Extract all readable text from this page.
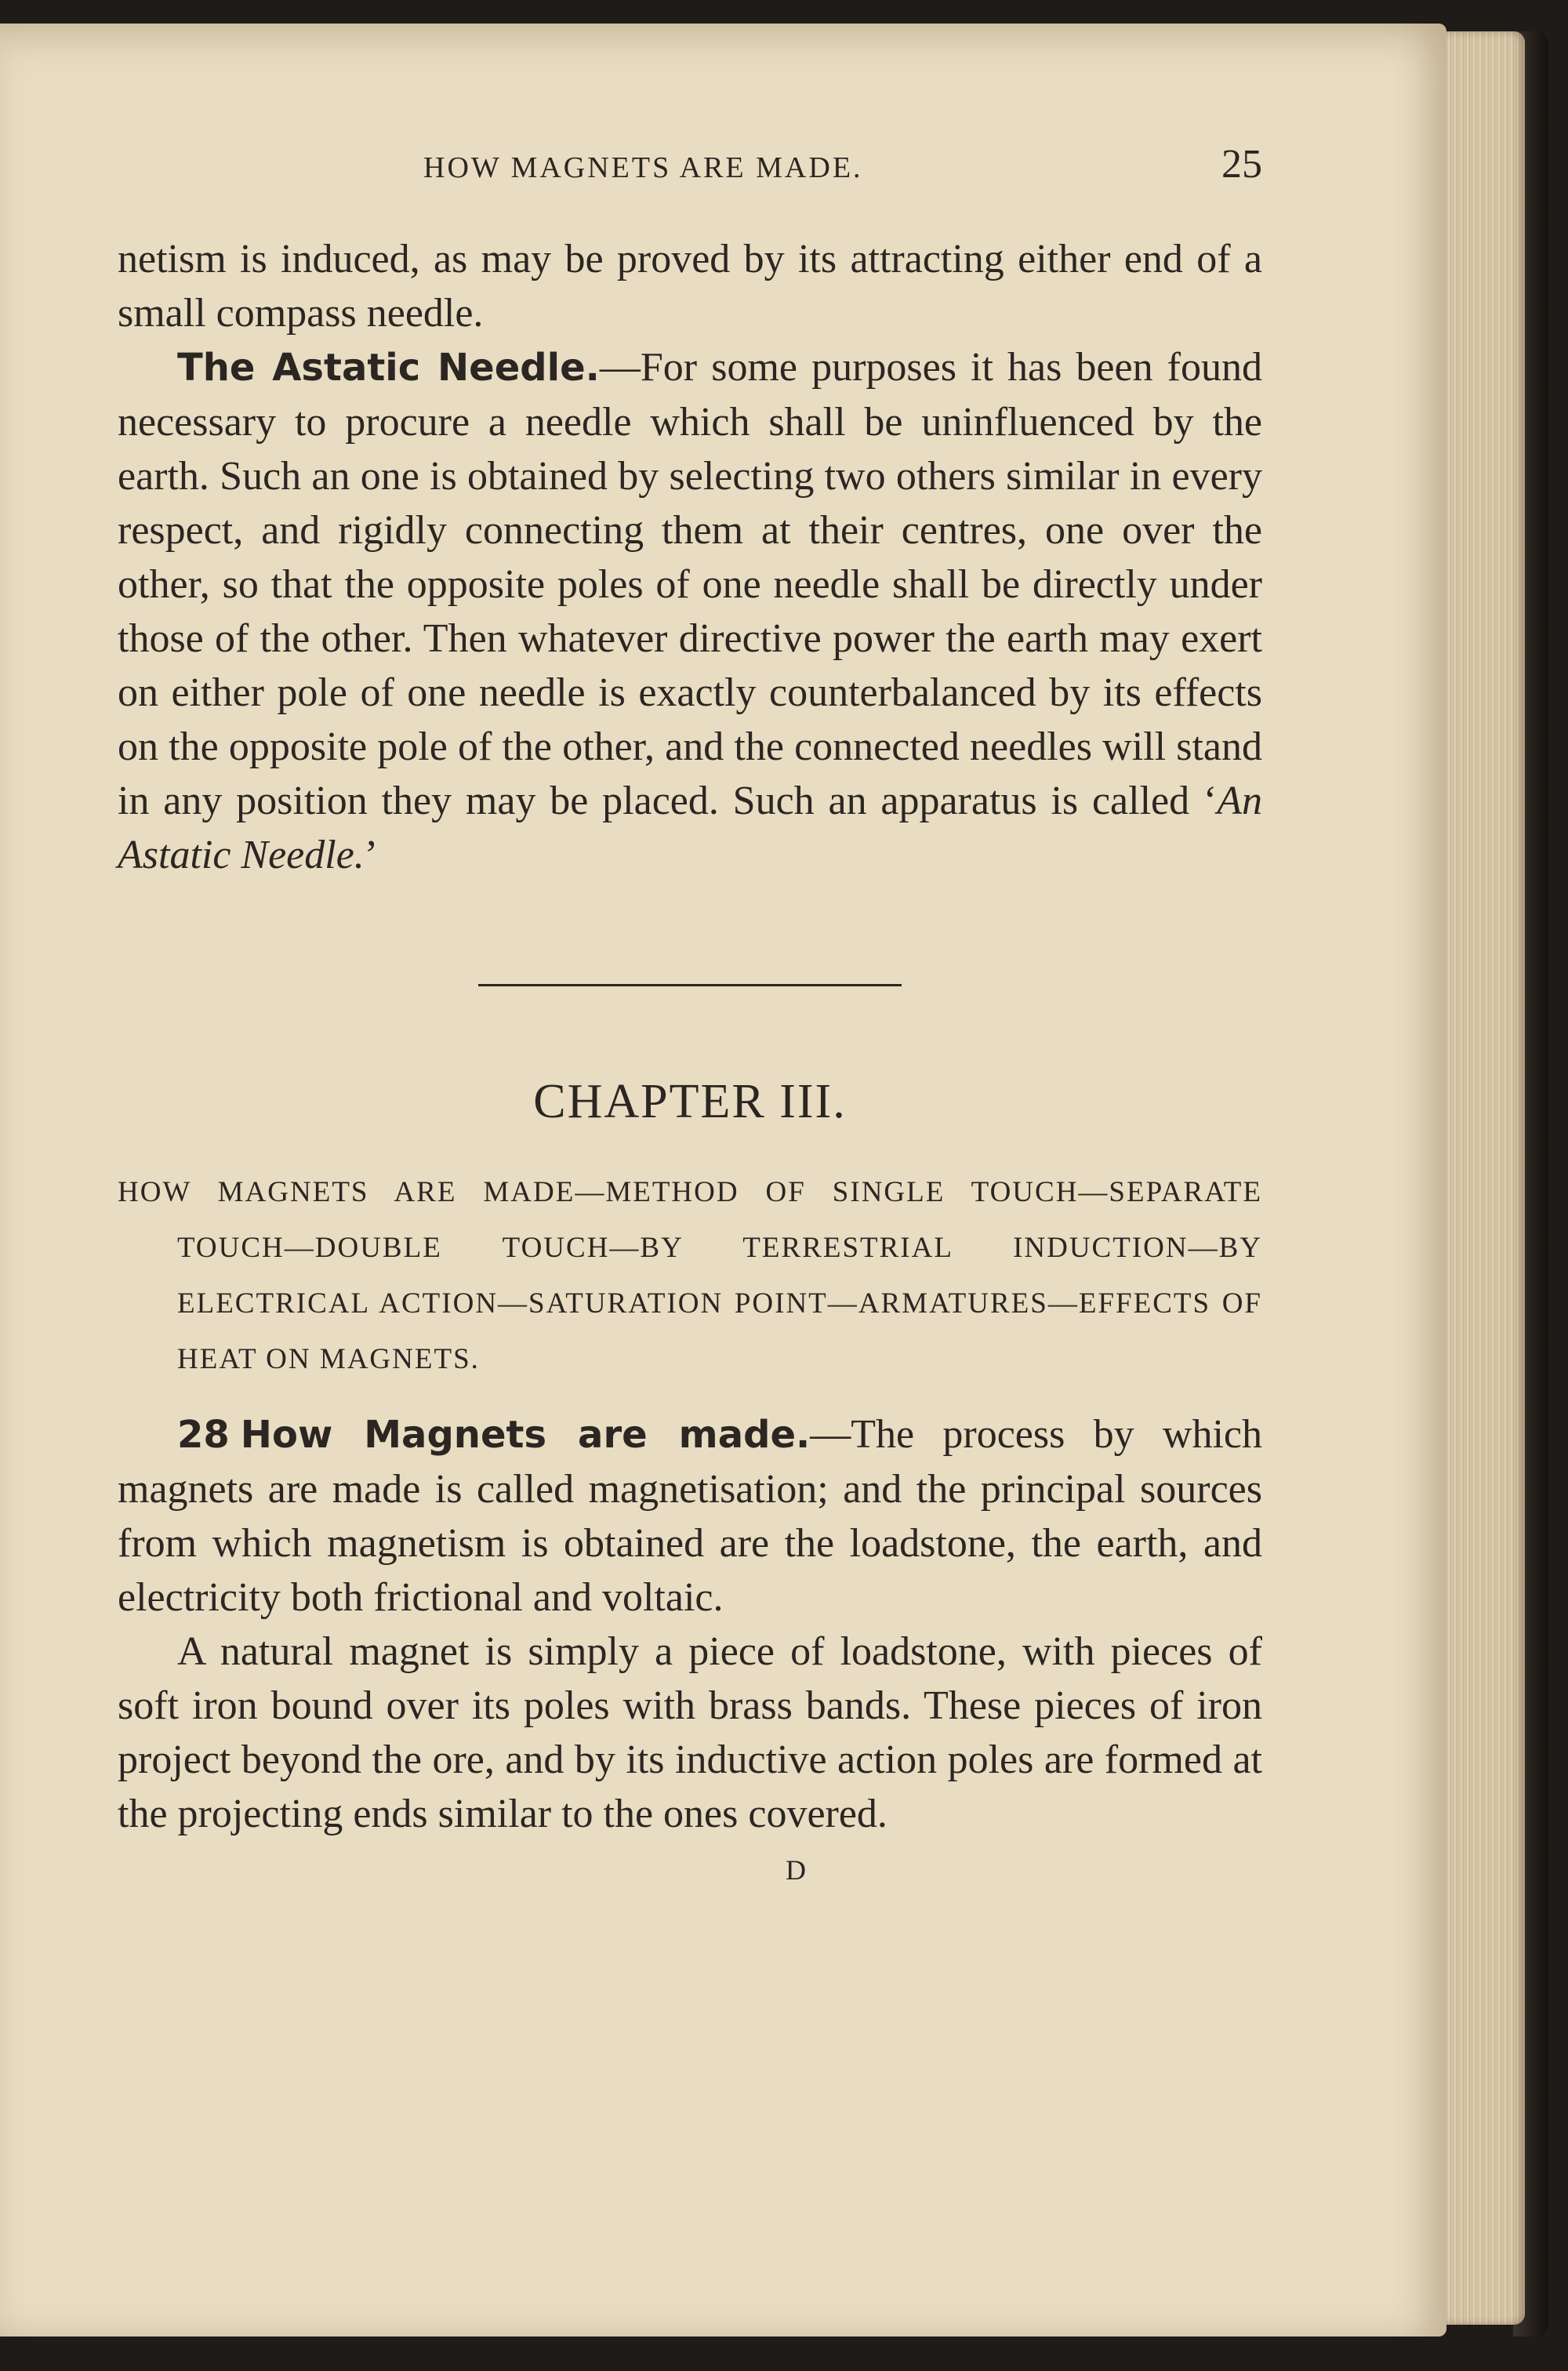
HOW MAGNETS ARE MADE.	25

netism is induced, as may be proved by its attracting either end of a small compass needle.

The Astatic Needle.—For some purposes it has been found necessary to procure a needle which shall be uninfluenced by the earth. Such an one is obtained by selecting two others similar in every respect, and rigidly connecting them at their centres, one over the other, so that the opposite poles of one needle shall be directly under those of the other. Then whatever directive power the earth may exert on either pole of one needle is exactly counterbalanced by its effects on the opposite pole of the other, and the connected needles will stand in any position they may be placed. Such an apparatus is called ‘An Astatic Needle.’

CHAPTER III.
HOW MAGNETS ARE MADE—METHOD OF SINGLE TOUCH—SEPARATE TOUCH—DOUBLE TOUCH—BY TERRESTRIAL INDUCTION—BY ELECTRICAL ACTION—SATURATION POINT—ARMATURES—EFFECTS OF HEAT ON MAGNETS.

28 How Magnets are made.—The process by which magnets are made is called magnetisation; and the principal sources from which magnetism is obtained are the loadstone, the earth, and electricity both frictional and voltaic.

A natural magnet is simply a piece of loadstone, with pieces of soft iron bound over its poles with brass bands. These pieces of iron project beyond the ore, and by its inductive action poles are formed at the projecting ends similar to the ones covered.

D
